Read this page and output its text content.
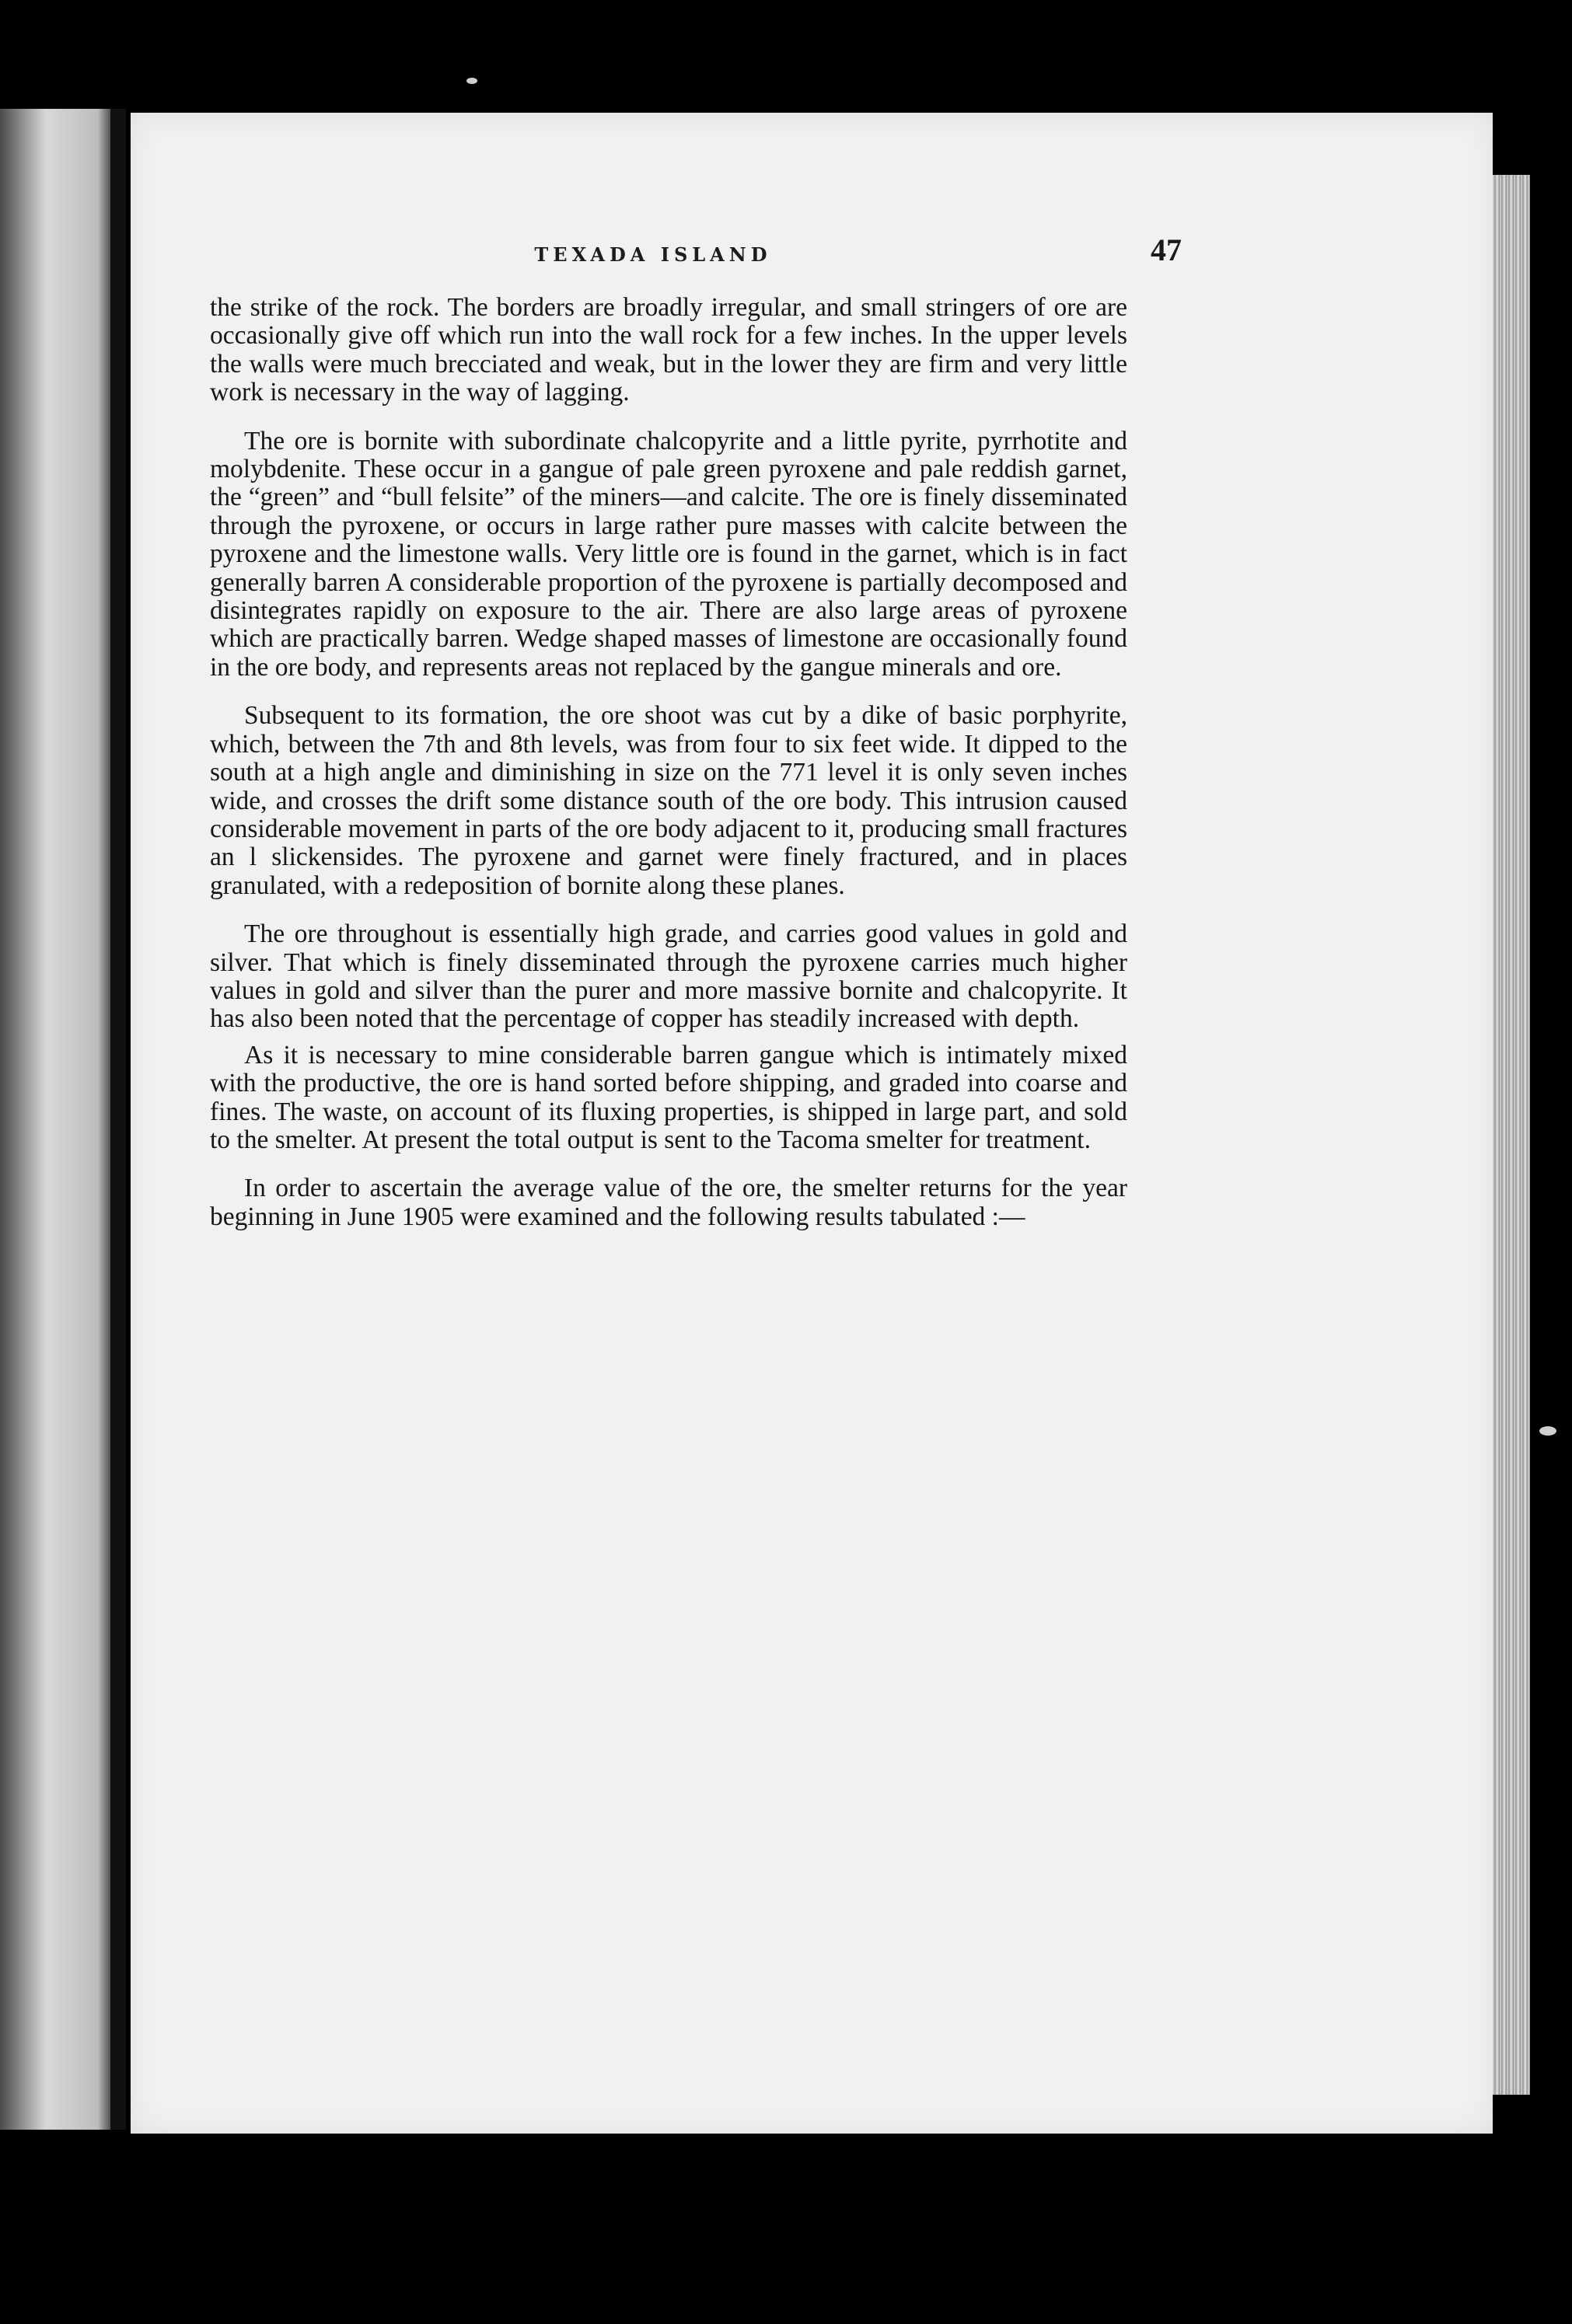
TEXADA ISLAND	47

the strike of the rock. The borders are broadly irregular, and small stringers of ore are occasionally give off which run into the wall rock for a few inches. In the upper levels the walls were much brecciated and weak, but in the lower they are firm and very little work is necessary in the way of lagging.

The ore is bornite with subordinate chalcopyrite and a little pyrite, pyrrhotite and molybdenite. These occur in a gangue of pale green pyroxene and pale reddish garnet, the “green” and “bull felsite” of the miners—and calcite. The ore is finely disseminated through the pyroxene, or occurs in large rather pure masses with calcite between the pyroxene and the limestone walls. Very little ore is found in the garnet, which is in fact generally barren A considerable proportion of the pyroxene is partially decomposed and disintegrates rapidly on exposure to the air. There are also large areas of pyroxene which are practically barren. Wedge shaped masses of limestone are occasionally found in the ore body, and represents areas not replaced by the gangue minerals and ore.

Subsequent to its formation, the ore shoot was cut by a dike of basic porphyrite, which, between the 7th and 8th levels, was from four to six feet wide. It dipped to the south at a high angle and diminishing in size on the 771 level it is only seven inches wide, and crosses the drift some distance south of the ore body. This intrusion caused considerable movement in parts of the ore body adjacent to it, producing small fractures an l slickensides. The pyroxene and garnet were finely fractured, and in places granulated, with a redeposition of bornite along these planes.

The ore throughout is essentially high grade, and carries good values in gold and silver. That which is finely disseminated through the pyroxene carries much higher values in gold and silver than the purer and more massive bornite and chalcopyrite. It has also been noted that the percentage of copper has steadily increased with depth.

As it is necessary to mine considerable barren gangue which is intimately mixed with the productive, the ore is hand sorted before shipping, and graded into coarse and fines. The waste, on account of its fluxing properties, is shipped in large part, and sold to the smelter. At present the total output is sent to the Tacoma smelter for treatment.

In order to ascertain the average value of the ore, the smelter returns for the year beginning in June 1905 were examined and the following results tabulated :—
